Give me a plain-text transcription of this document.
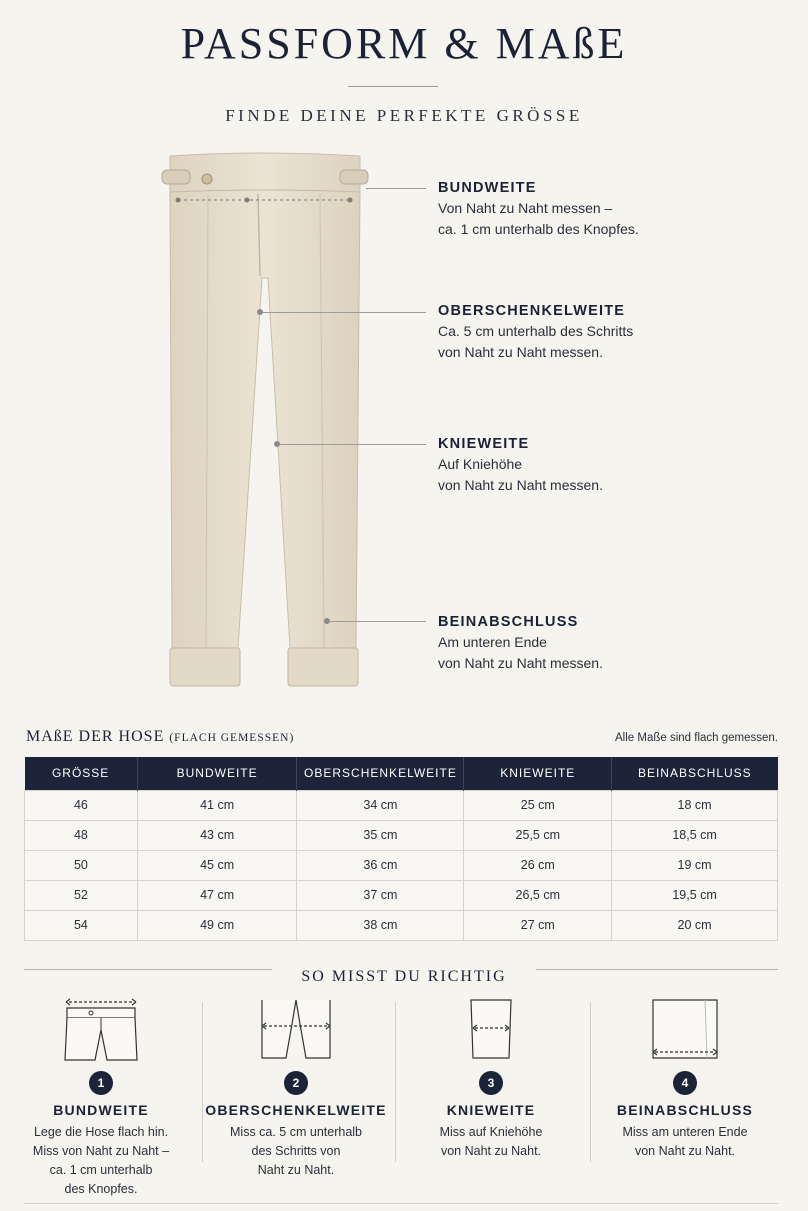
PASSFORM & MAßE
FINDE DEINE PERFEKTE GRÖSSE
BUNDWEITE
Von Naht zu Naht messen –
ca. 1 cm unterhalb des Knopfes.
OBERSCHENKELWEITE
Ca. 5 cm unterhalb des Schritts
von Naht zu Naht messen.
KNIEWEITE
Auf Kniehöhe
von Naht zu Naht messen.
BEINABSCHLUSS
Am unteren Ende
von Naht zu Naht messen.
MAßE DER HOSE (FLACH GEMESSEN)	Alle Maße sind flach gemessen.
GRÖSSE	BUNDWEITE	OBERSCHENKELWEITE	KNIEWEITE	BEINABSCHLUSS
46	41 cm	34 cm	25 cm	18 cm
48	43 cm	35 cm	25,5 cm	18,5 cm
50	45 cm	36 cm	26 cm	19 cm
52	47 cm	37 cm	26,5 cm	19,5 cm
54	49 cm	38 cm	27 cm	20 cm
SO MISST DU RICHTIG
1
BUNDWEITE
Lege die Hose flach hin.
Miss von Naht zu Naht –
ca. 1 cm unterhalb
des Knopfes.
2
OBERSCHENKELWEITE
Miss ca. 5 cm unterhalb
des Schritts von
Naht zu Naht.
3
KNIEWEITE
Miss auf Kniehöhe
von Naht zu Naht.
4
BEINABSCHLUSS
Miss am unteren Ende
von Naht zu Naht.
